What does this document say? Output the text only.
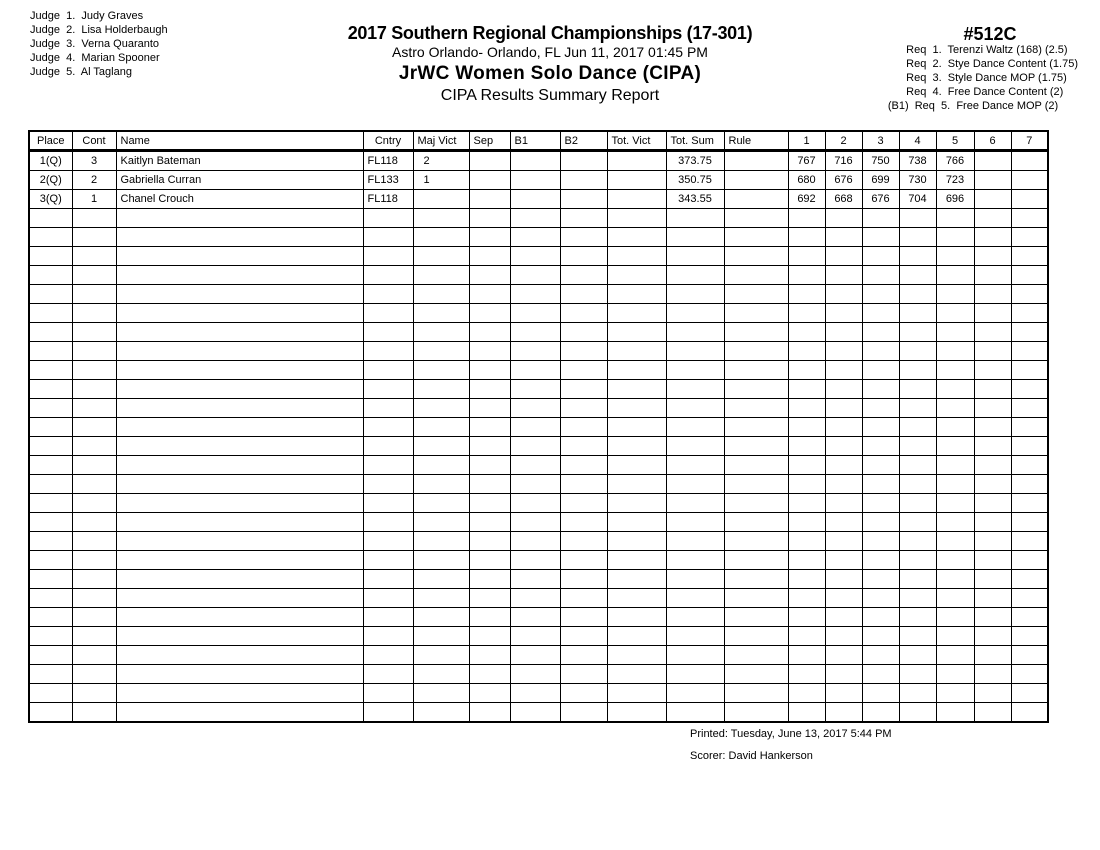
Judge  1.  Judy Graves
Judge  2.  Lisa Holderbaugh
Judge  3.  Verna Quaranto
Judge  4.  Marian Spooner
Judge  5.  Al Taglang
2017 Southern Regional Championships (17-301)
Astro Orlando- Orlando, FL Jun 11, 2017 01:45 PM
JrWC Women Solo Dance (CIPA)
CIPA Results Summary Report
#512C
Req  1.  Terenzi Waltz (168) (2.5)
Req  2.  Stye Dance Content (1.75)
Req  3.  Style Dance MOP (1.75)
Req  4.  Free Dance Content (2)
(B1)  Req  5.  Free Dance MOP (2)
Place	Cont	Name	Cntry	Maj Vict	Sep	B1	B2	Tot. Vict	Tot. Sum	Rule	1	2	3	4	5	6	7
1(Q)	3	Kaitlyn Bateman	FL118	2					373.75		767	716	750	738	766		
2(Q)	2	Gabriella Curran	FL133	1					350.75		680	676	699	730	723		
3(Q)	1	Chanel Crouch	FL118						343.55		692	668	676	704	696		

Printed: Tuesday, June 13, 2017 5:44 PM
Scorer: David Hankerson
